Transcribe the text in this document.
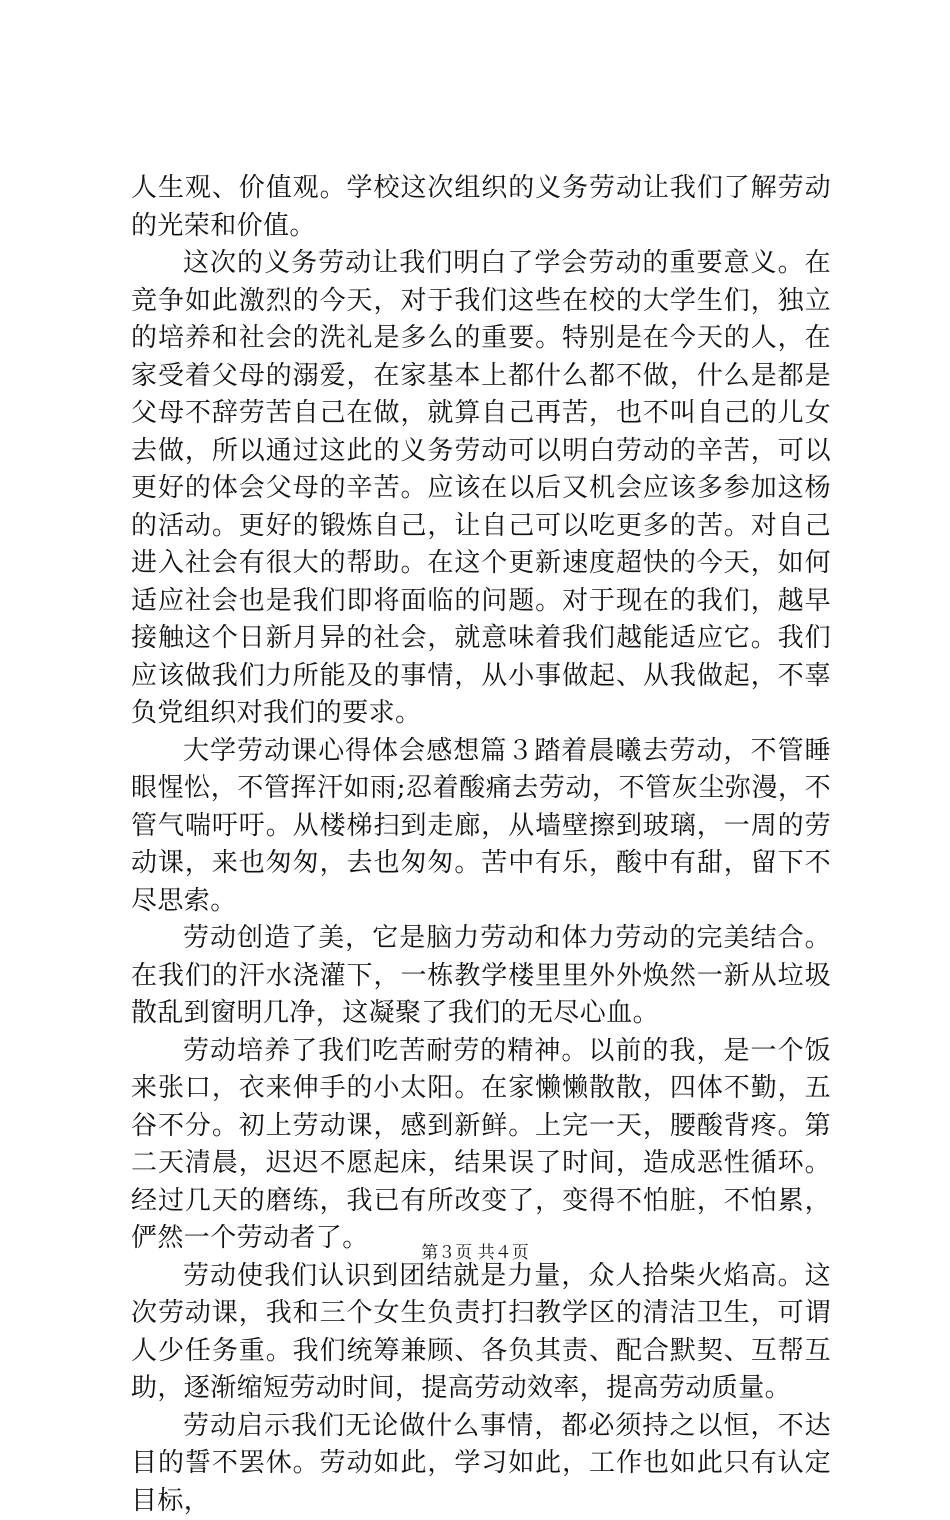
人生观、价值观。学校这次组织的义务劳动让我们了解劳动的光荣和价值。

这次的义务劳动让我们明白了学会劳动的重要意义。在竞争如此激烈的今天，对于我们这些在校的大学生们，独立的培养和社会的洗礼是多么的重要。特别是在今天的人，在家受着父母的溺爱，在家基本上都什么都不做，什么是都是父母不辞劳苦自己在做，就算自己再苦，也不叫自己的儿女去做，所以通过这此的义务劳动可以明白劳动的辛苦，可以更好的体会父母的辛苦。应该在以后又机会应该多参加这杨的活动。更好的锻炼自己，让自己可以吃更多的苦。对自己进入社会有很大的帮助。在这个更新速度超快的今天，如何适应社会也是我们即将面临的问题。对于现在的我们，越早接触这个日新月异的社会，就意味着我们越能适应它。我们应该做我们力所能及的事情，从小事做起、从我做起，不辜负党组织对我们的要求。

大学劳动课心得体会感想篇３踏着晨曦去劳动，不管睡眼惺忪，不管挥汗如雨;忍着酸痛去劳动，不管灰尘弥漫，不管气喘吁吁。从楼梯扫到走廊，从墙壁擦到玻璃，一周的劳动课，来也匆匆，去也匆匆。苦中有乐，酸中有甜，留下不尽思索。

劳动创造了美，它是脑力劳动和体力劳动的完美结合。在我们的汗水浇灌下，一栋教学楼里里外外焕然一新从垃圾散乱到窗明几净，这凝聚了我们的无尽心血。

劳动培养了我们吃苦耐劳的精神。以前的我，是一个饭来张口，衣来伸手的小太阳。在家懒懒散散，四体不勤，五谷不分。初上劳动课，感到新鲜。上完一天，腰酸背疼。第二天清晨，迟迟不愿起床，结果误了时间，造成恶性循环。经过几天的磨练，我已有所改变了，变得不怕脏，不怕累，俨然一个劳动者了。

劳动使我们认识到团结就是力量，众人拾柴火焰高。这次劳动课，我和三个女生负责打扫教学区的清洁卫生，可谓人少任务重。我们统筹兼顾、各负其责、配合默契、互帮互助，逐渐缩短劳动时间，提高劳动效率，提高劳动质量。

劳动启示我们无论做什么事情，都必须持之以恒，不达目的誓不罢休。劳动如此，学习如此，工作也如此只有认定目标，

第３页 共４页
